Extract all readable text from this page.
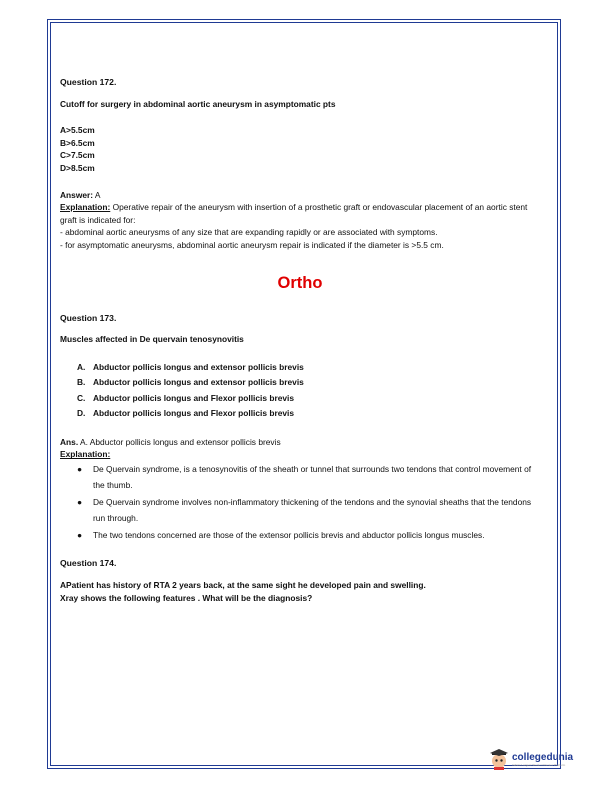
Question 172.
Cutoff for surgery in abdominal aortic aneurysm in asymptomatic pts
A>5.5cm
B>6.5cm
C>7.5cm
D>8.5cm
Answer: A
Explanation: Operative repair of the aneurysm with insertion of a prosthetic graft or endovascular placement of an aortic stent graft is indicated for:
- abdominal aortic aneurysms of any size that are expanding rapidly or are associated with symptoms.
- for asymptomatic aneurysms, abdominal aortic aneurysm repair is indicated if the diameter is >5.5 cm.
Ortho
Question 173.
Muscles affected in De quervain tenosynovitis
A. Abductor pollicis longus and extensor pollicis brevis
B. Abductor pollicis longus and extensor pollicis brevis
C. Abductor pollicis longus and Flexor pollicis brevis
D. Abductor pollicis longus and Flexor pollicis brevis
Ans. A. Abductor pollicis longus and extensor pollicis brevis
Explanation:
● De Quervain syndrome, is a tenosynovitis of the sheath or tunnel that surrounds two tendons that control movement of the thumb.
● De Quervain syndrome involves non-inflammatory thickening of the tendons and the synovial sheaths that the tendons run through.
● The two tendons concerned are those of the extensor pollicis brevis and abductor pollicis longus muscles.
Question 174.
APatient has history of RTA 2 years back, at the same sight he developed pain and swelling.
Xray shows the following features . What will be the diagnosis?
collegedunia
India's Largest Student Review Platform
